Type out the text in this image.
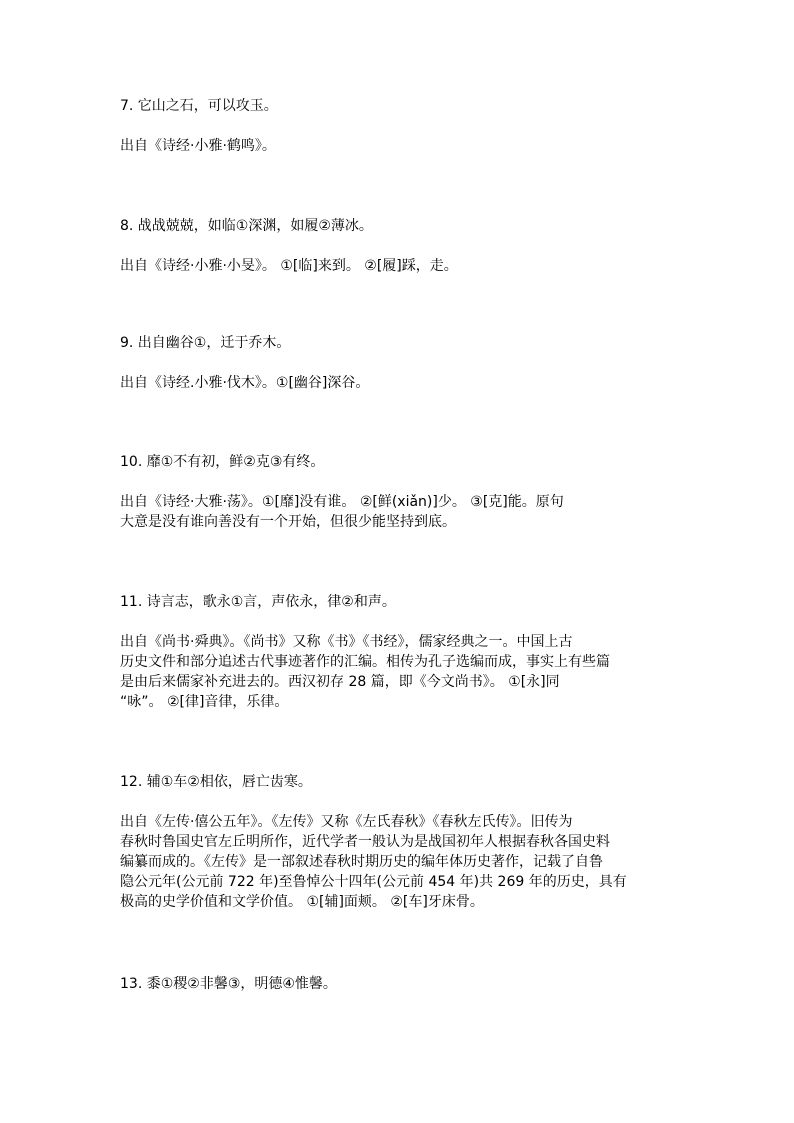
7. 它山之石，可以攻玉。
出自《诗经·小雅·鹤鸣》。
8. 战战兢兢，如临①深渊，如履②薄冰。
出自《诗经·小雅·小旻》。 ①[临]来到。 ②[履]踩，走。
9. 出自幽谷①，迁于乔木。
出自《诗经.小雅·伐木》。①[幽谷]深谷。
10. 靡①不有初，鲜②克③有终。
出自《诗经·大雅·荡》。①[靡]没有谁。 ②[鲜(xiǎn)]少。 ③[克]能。原句
大意是没有谁向善没有一个开始，但很少能坚持到底。
11. 诗言志，歌永①言，声依永，律②和声。
出自《尚书·舜典》。《尚书》又称《书》《书经》，儒家经典之一。中国上古
历史文件和部分追述古代事迹著作的汇编。相传为孔子选编而成，事实上有些篇
是由后来儒家补充进去的。西汉初存 28 篇，即《今文尚书》。 ①[永]同
“咏”。 ②[律]音律，乐律。
12. 辅①车②相依，唇亡齿寒。
出自《左传·僖公五年》。《左传》又称《左氏春秋》《春秋左氏传》。旧传为
春秋时鲁国史官左丘明所作，近代学者一般认为是战国初年人根据春秋各国史料
编纂而成的。《左传》是一部叙述春秋时期历史的编年体历史著作，记载了自鲁
隐公元年(公元前 722 年)至鲁悼公十四年(公元前 454 年)共 269 年的历史，具有
极高的史学价值和文学价值。 ①[辅]面颊。 ②[车]牙床骨。
13. 黍①稷②非馨③，明德④惟馨。
